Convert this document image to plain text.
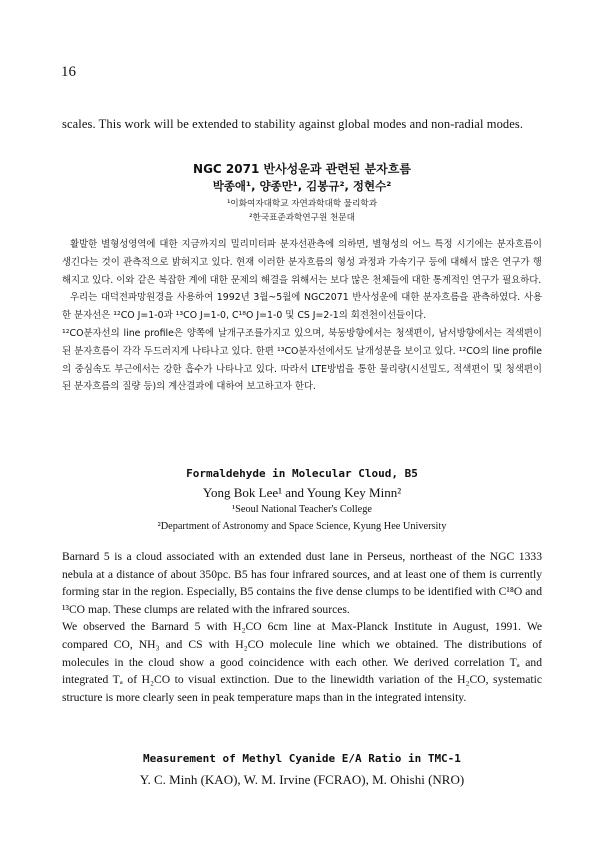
16
scales. This work will be extended to stability against global modes and non-radial modes.
NGC 2071 반사성운과 관련된 분자흐름
박종애¹, 양종만¹, 김봉규², 정현수²
¹이화여자대학교 자연과학대학 물리학과
²한국표준과학연구원 천문대

활발한 별형성영역에 대한 지금까지의 밀리미터파 분자선관측에 의하면, 별형성의 어느 특정 시기에는 분자흐름이 생긴다는 것이 관측적으로 밝혀지고 있다. 현재 이러한 분자흐름의 형성 과정과 가속기구 등에 대해서 많은 연구가 행해지고 있다. 이와 같은 복잡한 계에 대한 문제의 해결을 위해서는 보다 많은 천체들에 대한 통계적인 연구가 필요하다.

우리는 대덕전파망원경을 사용하여 1992년 3월~5월에 NGC2071 반사성운에 대한 분자흐름을 관측하였다. 사용한 분자선은 ¹²CO J=1-0과 ¹³CO J=1-0, C¹⁸O J=1-0 및 CS J=2-1의 회전천이선들이다.

¹²CO분자선의 line profile은 양쪽에 날개구조를가지고 있으며, 북동방향에서는 청색편이, 남서방향에서는 적색편이된 분자흐름이 각각 두드러지게 나타나고 있다. 한편 ¹³CO분자선에서도 날개성분을 보이고 있다. ¹²CO의 line profile의 중심속도 부근에서는 강한 흡수가 나타나고 있다. 따라서 LTE방법을 통한 물리량(시선밀도, 적색편이 및 청색편이된 분자흐름의 질량 등)의 계산결과에 대하여 보고하고자 한다.

Formaldehyde in Molecular Cloud, B5
Yong Bok Lee¹ and Young Key Minn²
¹Seoul National Teacher's College
²Department of Astronomy and Space Science, Kyung Hee University

Barnard 5 is a cloud associated with an extended dust lane in Perseus, northeast of the NGC 1333 nebula at a distance of about 350pc. B5 has four infrared sources, and at least one of them is currently forming star in the region. Especially, B5 contains the five dense clumps to be identified with C¹⁸O and ¹³CO map. These clumps are related with the infrared sources.

We observed the Barnard 5 with H₂CO 6cm line at Max-Planck Institute in August, 1991. We compared CO, NH₃ and CS with H₂CO molecule line which we obtained. The distributions of molecules in the cloud show a good coincidence with each other. We derived correlation Tₐ and integrated Tₐ of H₂CO to visual extinction. Due to the linewidth variation of the H₂CO, systematic structure is more clearly seen in peak temperature maps than in the integrated intensity.

Measurement of Methyl Cyanide E/A Ratio in TMC-1
Y. C. Minh (KAO), W. M. Irvine (FCRAO), M. Ohishi (NRO)
